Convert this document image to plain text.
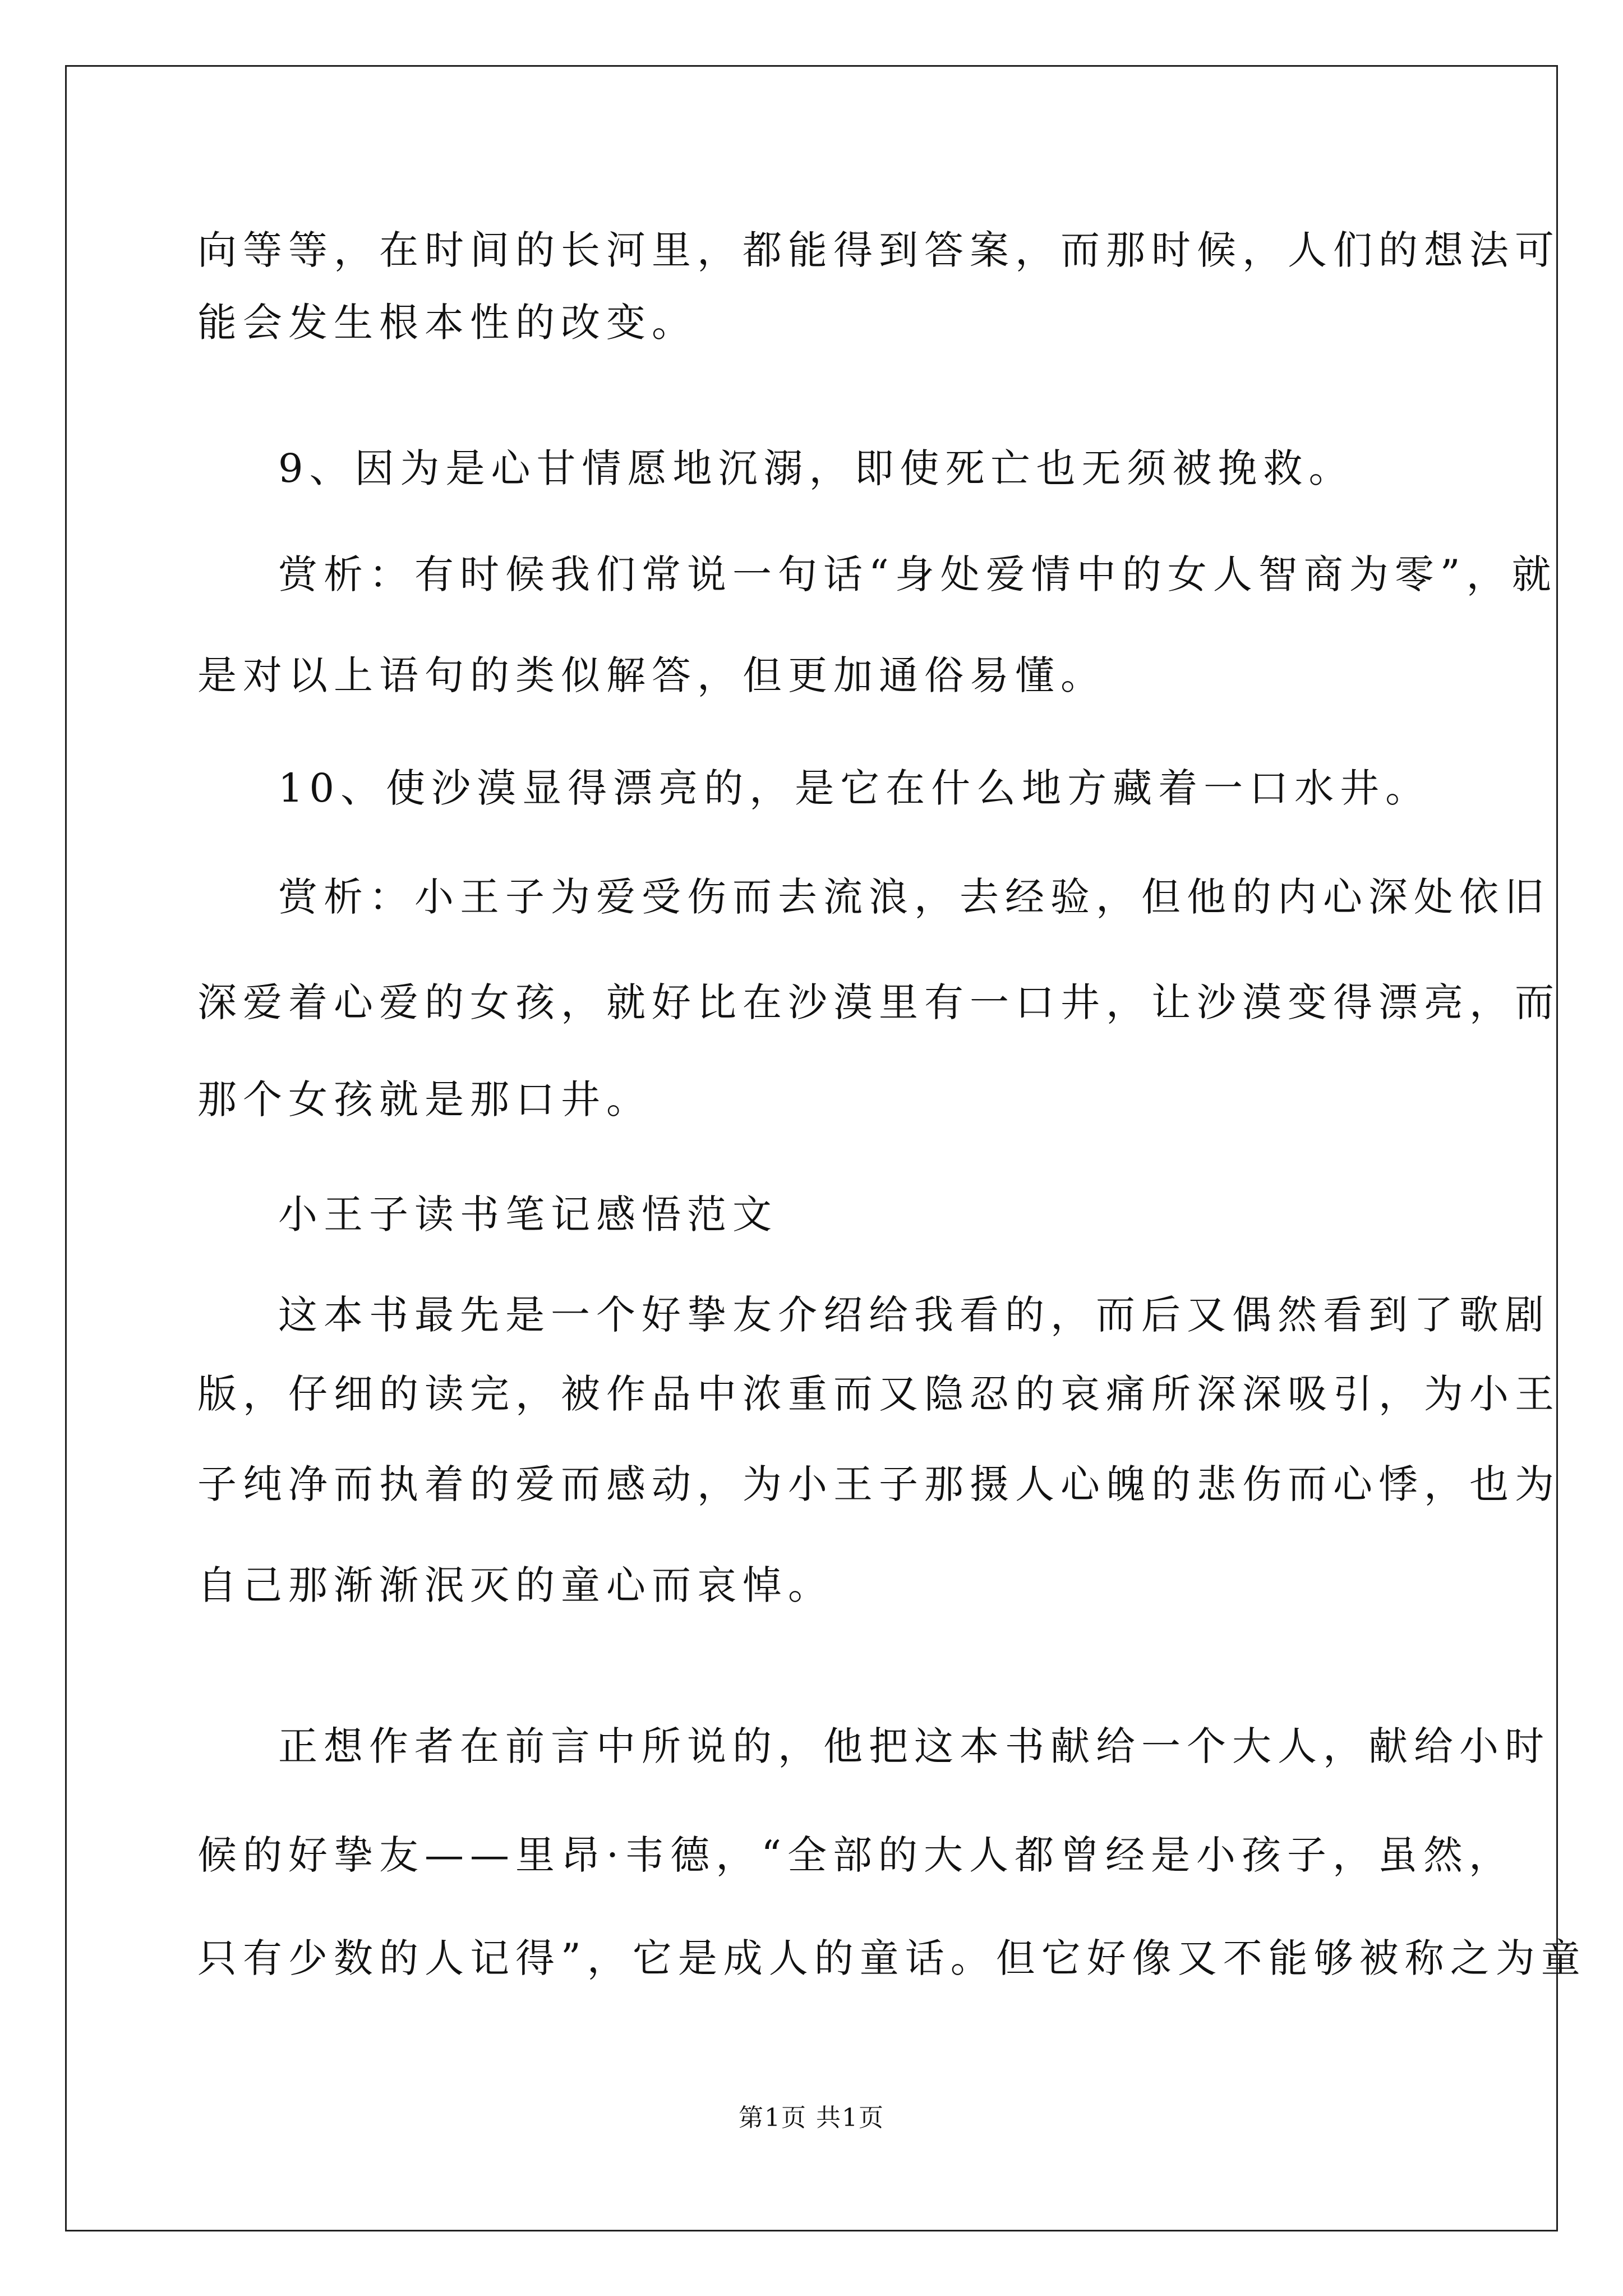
向等等，在时间的长河里，都能得到答案，而那时候，人们的想法可
能会发生根本性的改变。
9、因为是心甘情愿地沉溺，即使死亡也无须被挽救。
赏析：有时候我们常说一句话“身处爱情中的女人智商为零”，就
是对以上语句的类似解答，但更加通俗易懂。
10、使沙漠显得漂亮的，是它在什么地方藏着一口水井。
赏析：小王子为爱受伤而去流浪，去经验，但他的内心深处依旧
深爱着心爱的女孩，就好比在沙漠里有一口井，让沙漠变得漂亮，而
那个女孩就是那口井。
小王子读书笔记感悟范文
这本书最先是一个好挚友介绍给我看的，而后又偶然看到了歌剧
版，仔细的读完，被作品中浓重而又隐忍的哀痛所深深吸引，为小王
子纯净而执着的爱而感动，为小王子那摄人心魄的悲伤而心悸，也为
自己那渐渐泯灭的童心而哀悼。
正想作者在前言中所说的，他把这本书献给一个大人，献给小时
候的好挚友——里昂·韦德，“全部的大人都曾经是小孩子，虽然，
只有少数的人记得”，它是成人的童话。但它好像又不能够被称之为童
第1页 共1页
